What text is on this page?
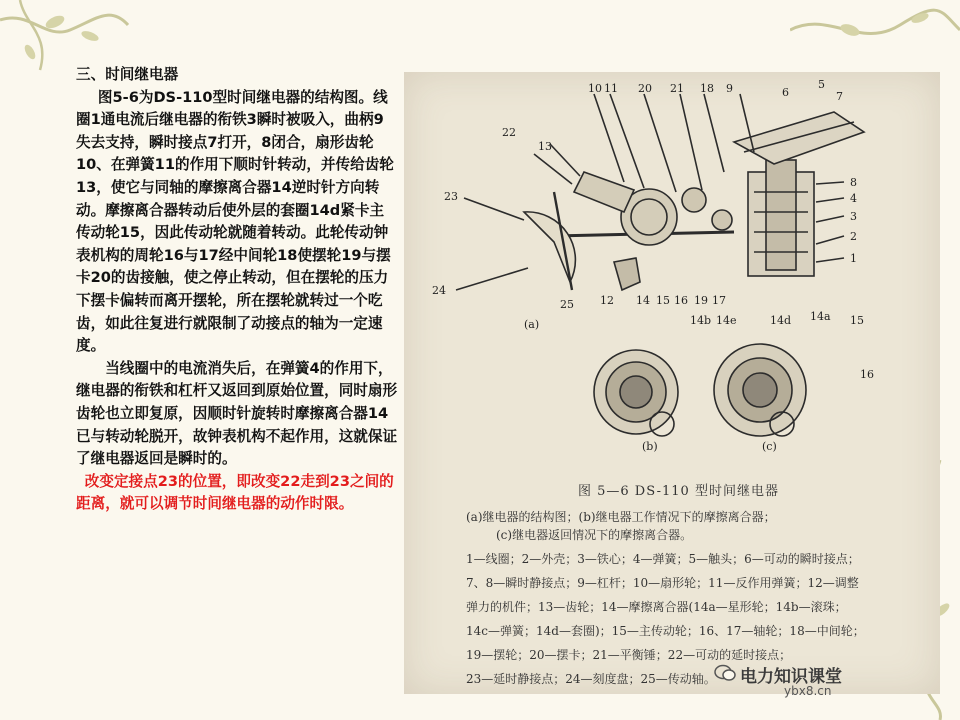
三、时间继电器

图5-6为DS-110型时间继电器的结构图。线圈1通电流后继电器的衔铁3瞬时被吸入，曲柄9失去支持，瞬时接点7打开，8闭合，扇形齿轮10、在弹簧11的作用下顺时针转动，并传给齿轮13，使它与同轴的摩擦离合器14逆时针方向转动。摩擦离合器转动后使外层的套圈14d紧卡主传动轮15，因此传动轮就随着转动。此轮传动钟表机构的周轮16与17经中间轮18使摆轮19与摆卡20的齿接触，使之停止转动，但在摆轮的压力下摆卡偏转而离开摆轮，所在摆轮就转过一个吃齿，如此往复进行就限制了动接点的轴为一定速度。

当线圈中的电流消失后，在弹簧4的作用下，继电器的衔铁和杠杆又返回到原始位置，同时扇形齿轮也立即复原，因顺时针旋转时摩擦离合器14已与转动轮脱开，故钟表机构不起作用，这就保证了继电器返回是瞬时的。

改变定接点23的位置，即改变22走到23之间的距离，就可以调节时间继电器的动作时限。

10 11 20 21 18 9	6
5
7
22
13
23
24
8
4
3
2
1
25 12 14 15 16 19 17
(a)
(b)	(c)
14b 14e	14d 14a 15
16
图 5—6 DS-110 型时间继电器
(a)继电器的结构图；(b)继电器工作情况下的摩擦离合器；
(c)继电器返回情况下的摩擦离合器。
1—线圈；2—外壳；3—铁心；4—弹簧；5—触头；6—可动的瞬时接点；
7、8—瞬时静接点；9—杠杆；10—扇形轮；11—反作用弹簧；12—调整
弹力的机件；13—齿轮；14—摩擦离合器(14a—星形轮；14b—滚珠；
14c—弹簧；14d—套圈)；15—主传动轮；16、17—轴轮；18—中间轮；
19—摆轮；20—摆卡；21—平衡锤；22—可动的延时接点；
23—延时静接点；24—刻度盘；25—传动轴。	电力知识课堂
ybx8.cn
